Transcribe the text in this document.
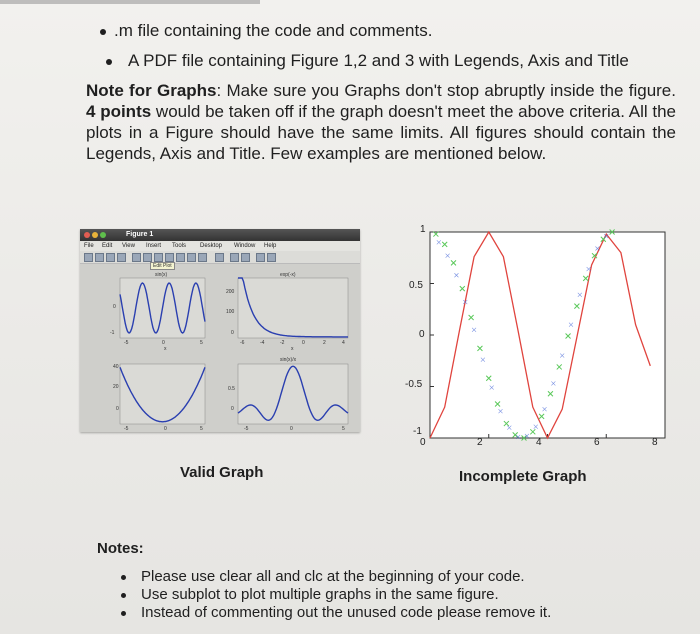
.m file containing the code and comments.
A PDF file containing Figure 1,2 and 3 with Legends, Axis and Title
Note for Graphs: Make sure you Graphs don't stop abruptly inside the figure. 4 points would be taken off if the graph doesn't meet the above criteria. All the plots in a Figure should have the same limits. All figures should contain the Legends, Axis and Title. Few examples are mentioned below.
Figure 1
File Edit View Insert Tools Desktop Window Help
Edit Plot
sin(x)	exp(-x)
sin(x)/x
0
-1
200
100
0
40
20
0
0.5
0
-5	0	5
x
-6	-4	-2	0	2	4
x
-5	0	5	-5	0	5
1
0.5
0
-0.5
-1
0	2	4	6	8
Valid Graph	Incomplete Graph
Notes:
Please use clear all and clc at the beginning of your code.
Use subplot to plot multiple graphs in the same figure.
Instead of commenting out the unused code please remove it.
